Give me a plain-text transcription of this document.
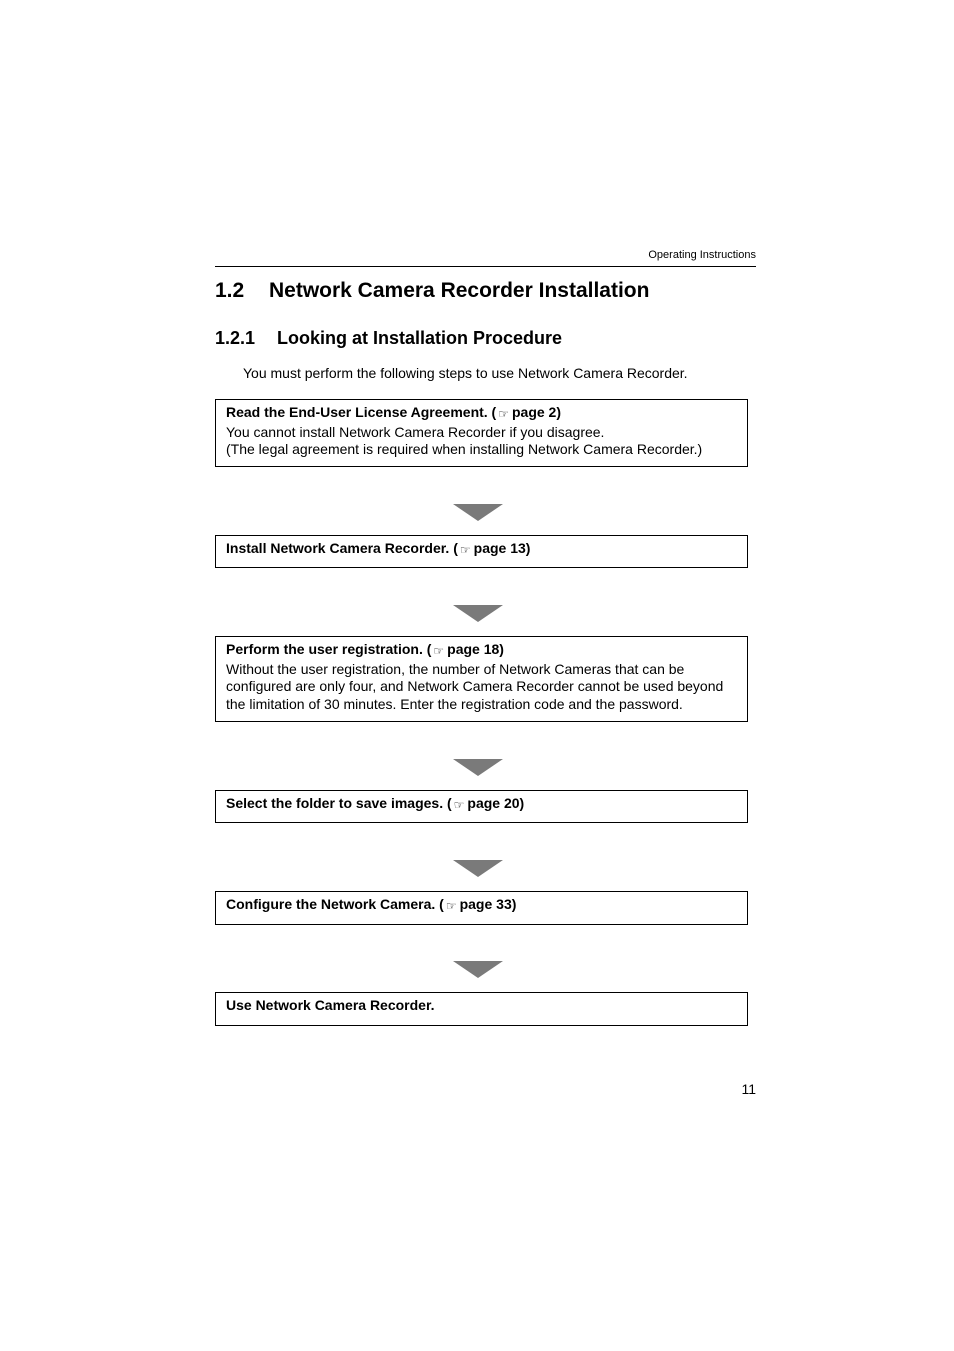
Operating Instructions
1.2 Network Camera Recorder Installation
1.2.1 Looking at Installation Procedure

You must perform the following steps to use Network Camera Recorder.

Read the End-User License Agreement. ( ☞ page 2)

You cannot install Network Camera Recorder if you disagree.

(The legal agreement is required when installing Network Camera Recorder.)

Install Network Camera Recorder. ( ☞ page 13)
Perform the user registration. ( ☞ page 18)

Without the user registration, the number of Network Cameras that can be configured are only four, and Network Camera Recorder cannot be used beyond the limitation of 30 minutes. Enter the registration code and the password.

Select the folder to save images. ( ☞ page 20)
Configure the Network Camera. ( ☞ page 33)
Use Network Camera Recorder.
11
